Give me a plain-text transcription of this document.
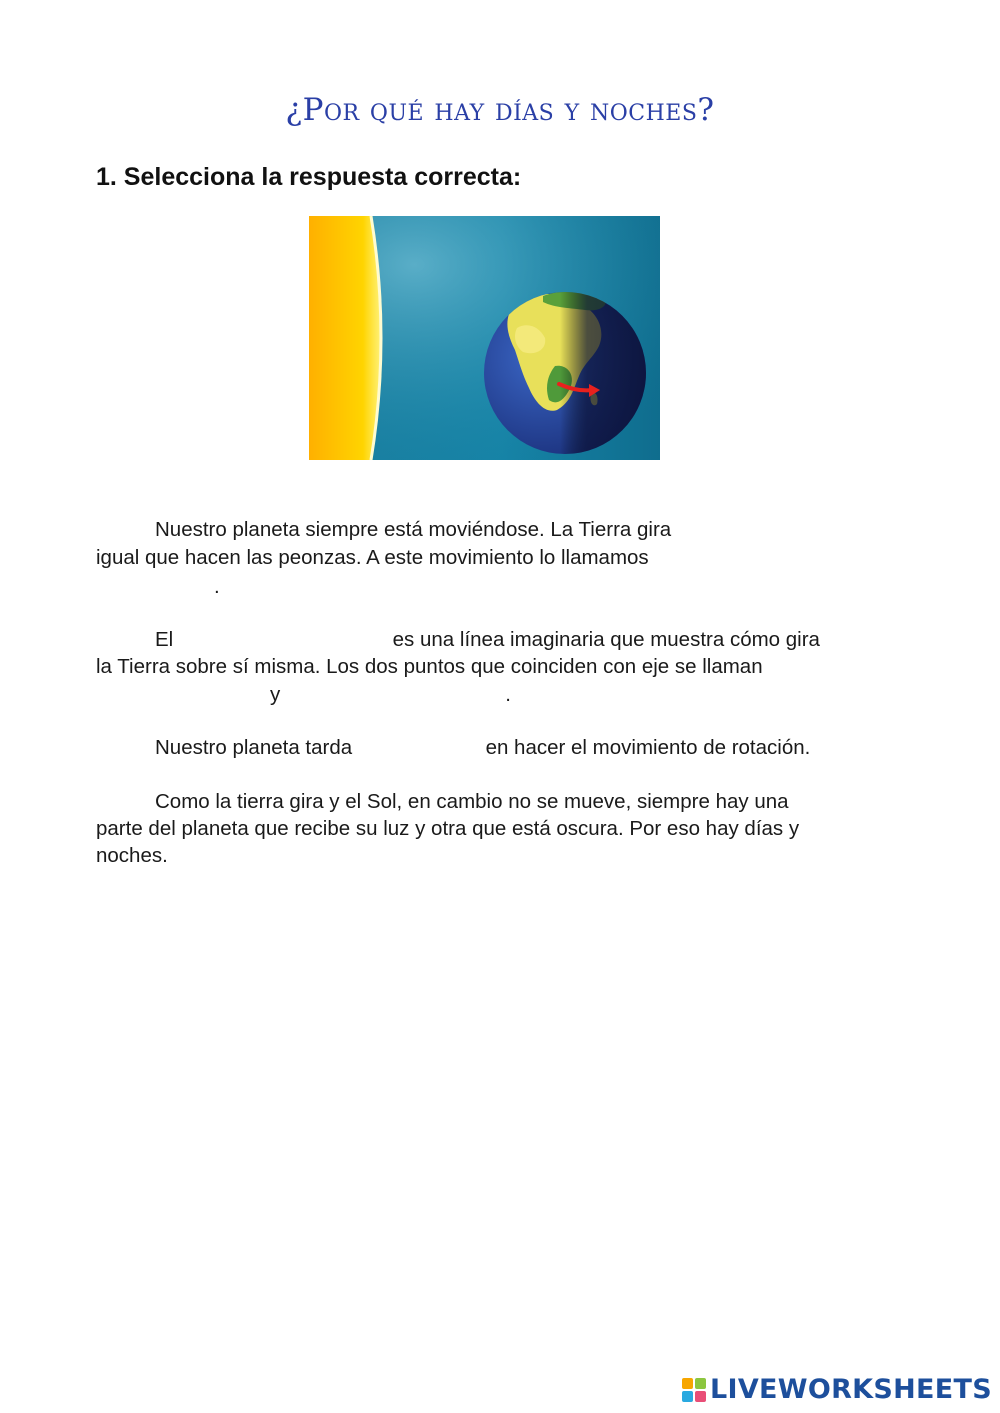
¿Por qué hay días y noches?
1. Selecciona la respuesta correcta:
Nuestro planeta siempre está moviéndose. La Tierra gira
igual que hacen las peonzas. A este movimiento lo llamamos
.
El	es una línea imaginaria que muestra cómo gira
la Tierra sobre sí misma. Los dos puntos que coinciden con eje se llaman
y	.
Nuestro planeta tarda	en hacer el movimiento de rotación.
Como la tierra gira y el Sol, en cambio no se mueve, siempre hay una
parte del planeta que recibe su luz y otra que está oscura. Por eso hay días y
noches.
LIVEWORKSHEETS
